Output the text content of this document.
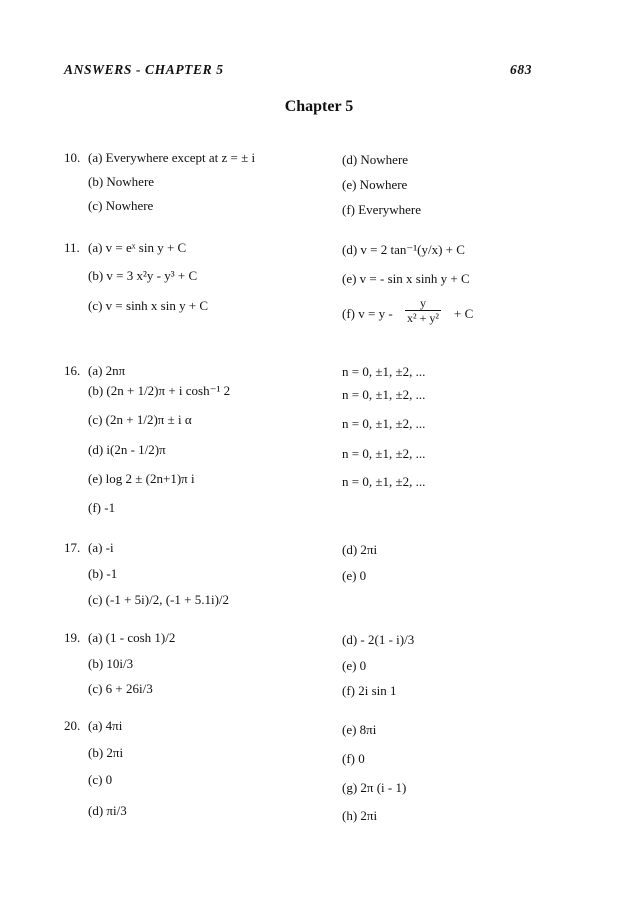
ANSWERS - CHAPTER 5	683
Chapter 5
10. (a) Everywhere except at z = ± i
(b) Nowhere
(c) Nowhere
(d) Nowhere
(e) Nowhere
(f) Everywhere
11. (a) v = eˣ sin y + C
(b) v = 3 x²y - y³ + C
(c) v = sinh x sin y + C
(d) v = 2 tan⁻¹(y/x) + C
(e) v = - sin x sinh y + C
(f) v = y -
y
x² + y² + C
16. (a) 2nπ
(b) (2n + 1/2)π + i cosh⁻¹ 2
(c) (2n + 1/2)π ± i α
(d) i(2n - 1/2)π
(e) log 2 ± (2n+1)π i
(f) -1
n = 0, ±1, ±2, ...
n = 0, ±1, ±2, ...
n = 0, ±1, ±2, ...
n = 0, ±1, ±2, ...
n = 0, ±1, ±2, ...
17. (a) -i
(b) -1
(c) (-1 + 5i)/2, (-1 + 5.1i)/2
(d) 2πi
(e) 0
19. (a) (1 - cosh 1)/2
(b) 10i/3
(c) 6 + 26i/3
(d) - 2(1 - i)/3
(e) 0
(f) 2i sin 1
20. (a) 4πi
(b) 2πi
(c) 0
(d) πi/3
(e) 8πi
(f) 0
(g) 2π (i - 1)
(h) 2πi
